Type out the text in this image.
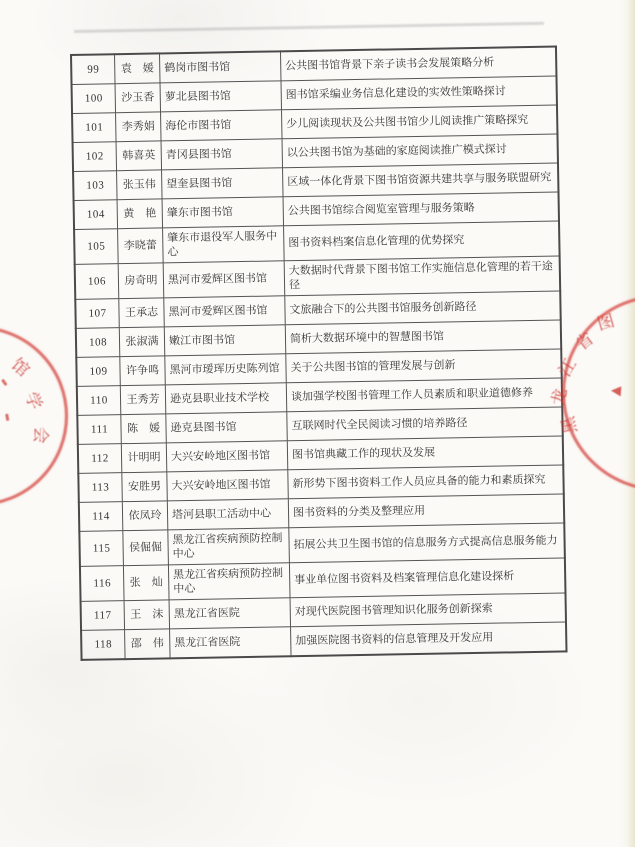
99	袁　媛	鹤岗市图书馆	公共图书馆背景下亲子读书会发展策略分析
100	沙玉香	萝北县图书馆	图书馆采编业务信息化建设的实效性策略探讨
101	李秀娟	海伦市图书馆	少儿阅读现状及公共图书馆少儿阅读推广策略探究
102	韩喜英	青冈县图书馆	以公共图书馆为基础的家庭阅读推广模式探讨
103	张玉伟	望奎县图书馆	区域一体化背景下图书馆资源共建共享与服务联盟研究
104	黄　艳	肇东市图书馆	公共图书馆综合阅览室管理与服务策略
105	李晓蕾	肇东市退役军人服务中心	图书资料档案信息化管理的优势探究
106	房奇明	黑河市爱辉区图书馆	大数据时代背景下图书馆工作实施信息化管理的若干途径
107	王承志	黑河市爱辉区图书馆	文旅融合下的公共图书馆服务创新路径
108	张淑满	嫩江市图书馆	简析大数据环境中的智慧图书馆
109	许争鸣	黑河市瑷珲历史陈列馆	关于公共图书馆的管理发展与创新
110	王秀芳	逊克县职业技术学校	谈加强学校图书管理工作人员素质和职业道德修养
111	陈　媛	逊克县图书馆	互联网时代全民阅读习惯的培养路径
112	计明明	大兴安岭地区图书馆	图书馆典藏工作的现状及发展
113	安胜男	大兴安岭地区图书馆	新形势下图书资料工作人员应具备的能力和素质探究
114	依凤玲	塔河县职工活动中心	图书资料的分类及整理应用
115	侯倔倔	黑龙江省疾病预防控制中心	拓展公共卫生图书馆的信息服务方式提高信息服务能力
116	张　灿	黑龙江省疾病预防控制中心	事业单位图书资料及档案管理信息化建设探析
117	王　沫	黑龙江省医院	对现代医院图书管理知识化服务创新探索
118	邵　伟	黑龙江省医院	加强医院图书资料的信息管理及开发应用
馆
学
会
图
省
江
龙
黑
